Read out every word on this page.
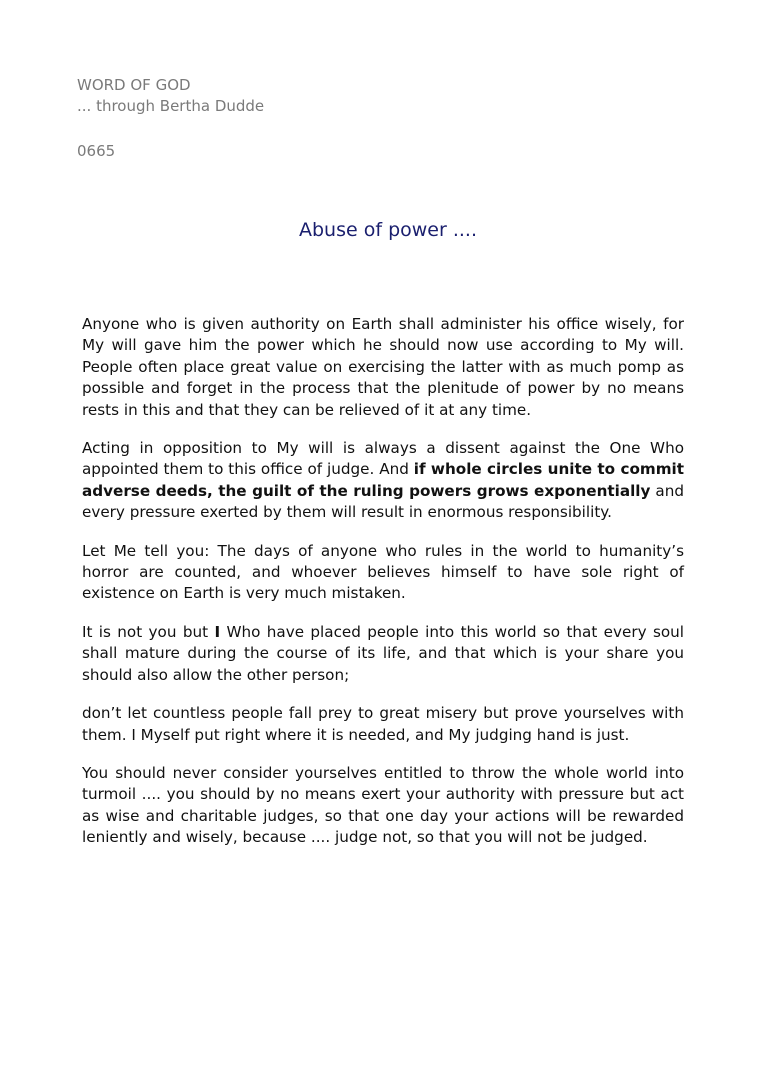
WORD OF GOD
... through Bertha Dudde
0665
Abuse of power ....

Anyone who is given authority on Earth shall administer his office wisely, for My will gave him the power which he should now use according to My will. People often place great value on exercising the latter with as much pomp as possible and forget in the process that the plenitude of power by no means rests in this and that they can be relieved of it at any time.

Acting in opposition to My will is always a dissent against the One Who appointed them to this office of judge. And if whole circles unite to commit adverse deeds, the guilt of the ruling powers grows exponentially and every pressure exerted by them will result in enormous responsibility.

Let Me tell you: The days of anyone who rules in the world to humanity’s horror are counted, and whoever believes himself to have sole right of existence on Earth is very much mistaken.

It is not you but I Who have placed people into this world so that every soul shall mature during the course of its life, and that which is your share you should also allow the other person;

don’t let countless people fall prey to great misery but prove yourselves with them. I Myself put right where it is needed, and My judging hand is just.

You should never consider yourselves entitled to throw the whole world into turmoil .... you should by no means exert your authority with pressure but act as wise and charitable judges, so that one day your actions will be rewarded leniently and wisely, because .... judge not, so that you will not be judged.
